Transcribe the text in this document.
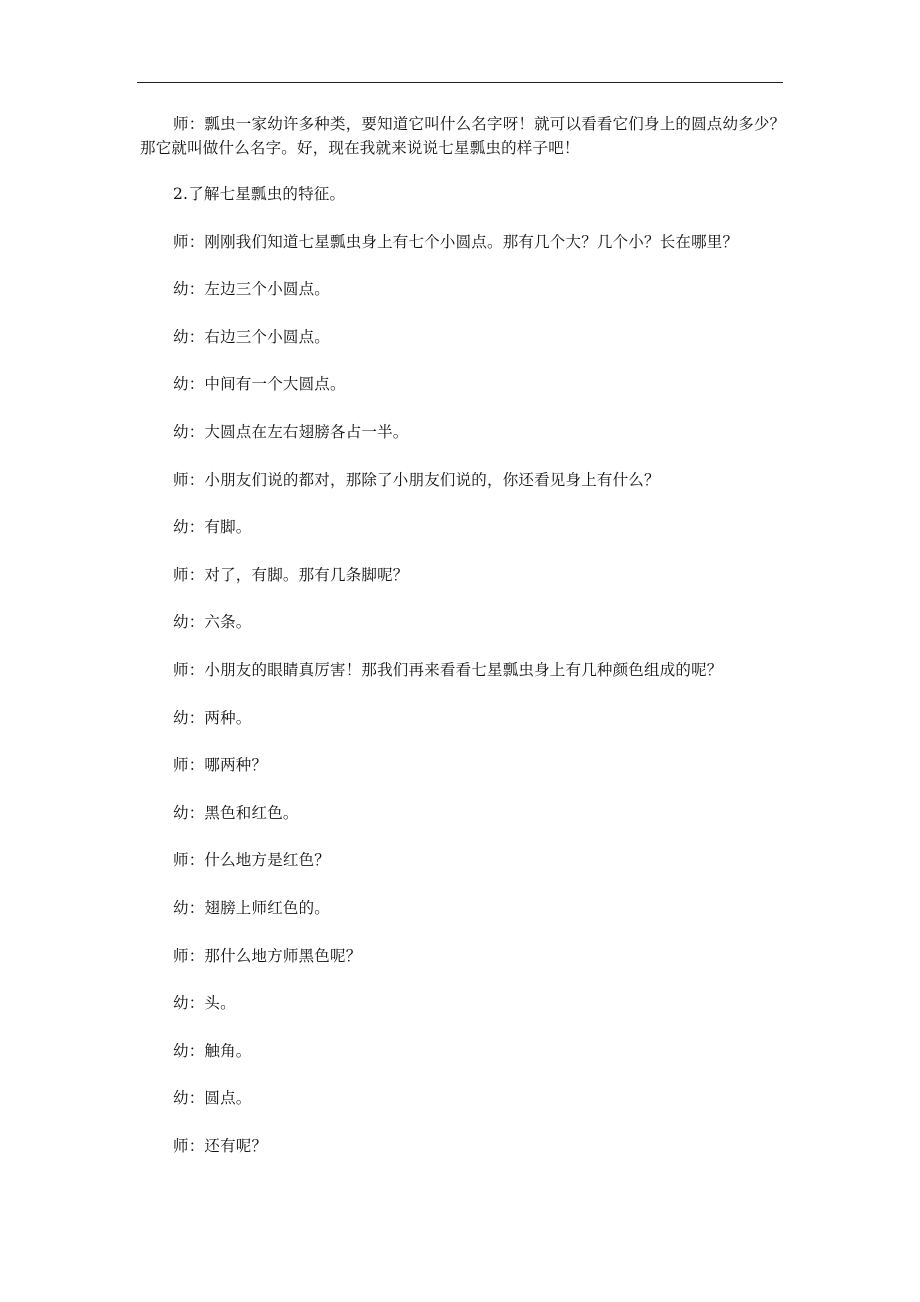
师：瓢虫一家幼许多种类，要知道它叫什么名字呀！就可以看看它们身上的圆点幼多少？那它就叫做什么名字。好，现在我就来说说七星瓢虫的样子吧！

2.了解七星瓢虫的特征。

师：刚刚我们知道七星瓢虫身上有七个小圆点。那有几个大？几个小？长在哪里？

幼：左边三个小圆点。

幼：右边三个小圆点。

幼：中间有一个大圆点。

幼：大圆点在左右翅膀各占一半。

师：小朋友们说的都对，那除了小朋友们说的，你还看见身上有什么？

幼：有脚。

师：对了，有脚。那有几条脚呢？

幼：六条。

师：小朋友的眼睛真厉害！那我们再来看看七星瓢虫身上有几种颜色组成的呢？

幼：两种。

师：哪两种？

幼：黑色和红色。

师：什么地方是红色？

幼：翅膀上师红色的。

师：那什么地方师黑色呢？

幼：头。

幼：触角。

幼：圆点。

师：还有呢？
